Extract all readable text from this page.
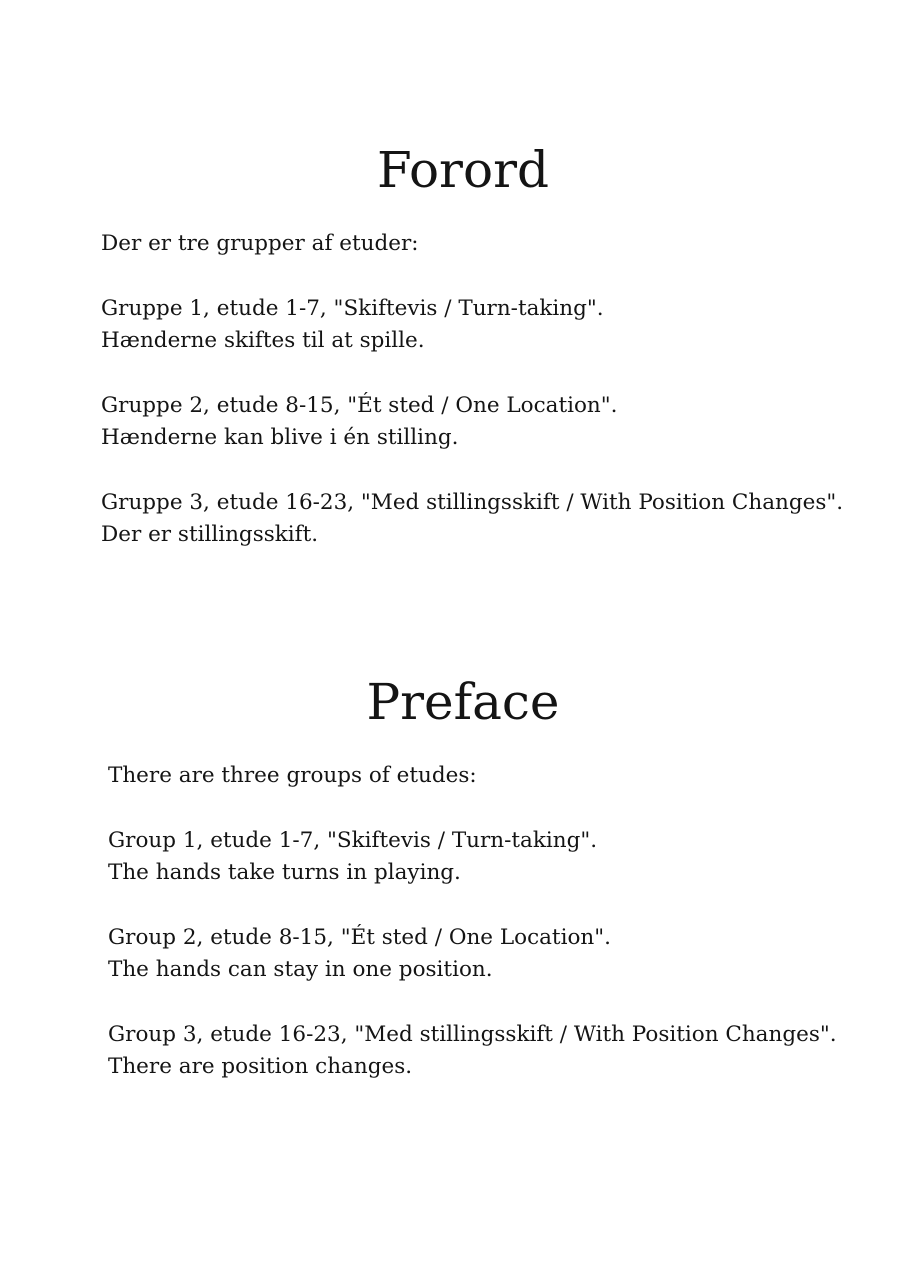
Forord
Der er tre grupper af etuder:
Gruppe 1, etude 1-7, "Skiftevis / Turn-taking".
Hænderne skiftes til at spille.
Gruppe 2, etude 8-15, "Ét sted / One Location".
Hænderne kan blive i én stilling.
Gruppe 3, etude 16-23, "Med stillingsskift / With Position Changes".
Der er stillingsskift.
Preface
There are three groups of etudes:
Group 1, etude 1-7, "Skiftevis / Turn-taking".
The hands take turns in playing.
Group 2, etude 8-15, "Ét sted / One Location".
The hands can stay in one position.
Group 3, etude 16-23, "Med stillingsskift / With Position Changes".
There are position changes.
